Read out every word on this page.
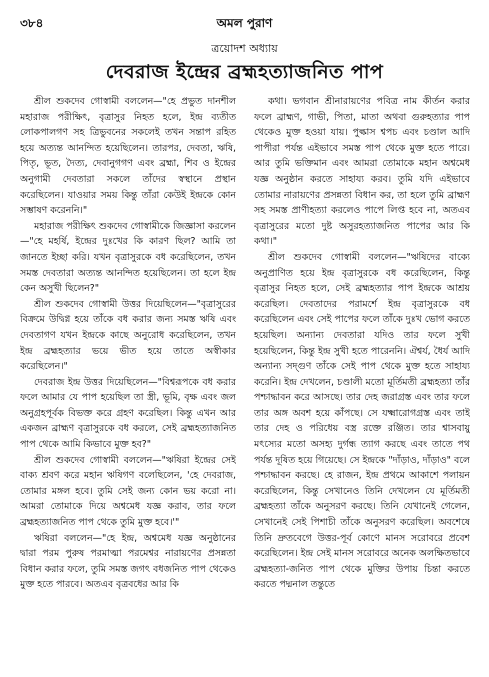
৩৮৪	অমল পুরাণ
ত্রয়োদশ অধ্যায়
দেবরাজ ইন্দ্রের ব্রহ্মহত্যাজনিত পাপ

শ্রীল শুকদেব গোস্বামী বললেন—"হে প্রভুত দানশীল মহারাজ পরীক্ষিৎ, বৃত্রাসুর নিহত হলে, ইন্দ্র ব্যতীত লোকপালগণ সহ ত্রিভুবনের সকলেই তখন সন্তাপ রহিত হয়ে অত্যন্ত আনন্দিত হয়েছিলেন। তারপর, দেবতা, ঋষি, পিতৃ, ভূত, দৈত্য, দেবানুগগণ এবং ব্রহ্মা, শিব ও ইন্দ্রের অনুগামী দেবতারা সকলে তাঁদের স্বস্থানে প্রস্থান করেছিলেন। যাওয়ার সময় কিন্তু তাঁরা কেউই ইন্দ্রকে কোন সম্ভাষণ করেননি।"

মহারাজ পরীক্ষিৎ শুকদেব গোস্বামীকে জিজ্ঞাসা করলেন—"হে মহর্ষি, ইন্দ্রের দুঃখের কি কারণ ছিল? আমি তা জানতে ইচ্ছা করি। যখন বৃত্রাসুরকে বধ করেছিলেন, তখন সমস্ত দেবতারা অত্যন্ত আনন্দিত হয়েছিলেন। তা হলে ইন্দ্র কেন অসুখী ছিলেন?"

শ্রীল শুকদেব গোস্বামী উত্তর দিয়েছিলেন—"বৃত্রাসুরের বিক্রমে উদ্বিগ্ন হয়ে তাঁকে বধ করার জন্য সমস্ত ঋষি এবং দেবতাগণ যখন ইন্দ্রকে কাছে অনুরোধ করেছিলেন, তখন ইন্দ্র ব্রহ্মহত্যার ভয়ে ভীত হয়ে তাতে অস্বীকার করেছিলেন।"

দেবরাজ ইন্দ্র উত্তর দিয়েছিলেন—"বিশ্বরূপকে বধ করার ফলে আমার যে পাপ হয়েছিল তা স্ত্রী, ভূমি, বৃক্ষ এবং জল অনুগ্রহপূর্বক বিভক্ত করে গ্রহণ করেছিল। কিন্তু এখন আর একজন ব্রাহ্মণ বৃত্রাসুরকে বধ করলে, সেই ব্রহ্মহত্যাজনিত পাপ থেকে আমি কিভাবে মুক্ত হব?"

শ্রীল শুকদেব গোস্বামী বললেন—"ঋষিরা ইন্দ্রের সেই বাক্য শ্রবণ করে মহান ঋষিগণ বলেছিলেন, 'হে দেবরাজ, তোমার মঙ্গল হবে। তুমি সেই জন্য কোন ভয় করো না। আমরা তোমাকে দিয়ে অশ্বমেধ যজ্ঞ করাব, তার ফলে ব্রহ্মহত্যাজনিত পাপ থেকে তুমি মুক্ত হবে।'"

ঋষিরা বললেন—"হে ইন্দ্র, অশ্বমেধ যজ্ঞ অনুষ্ঠানের দ্বারা পরম পুরুষ পরমাত্মা পরমেশ্বর নারায়ণের প্রসন্নতা বিধান করার ফলে, তুমি সমস্ত জগৎ বধজনিত পাপ থেকেও মুক্ত হতে পারবে। অতএব বৃত্রবধের আর কি

কথা। ভগবান শ্রীনারায়ণের পবিত্র নাম কীর্তন করার ফলে ব্রাহ্মণ, গাভী, পিতা, মাতা অথবা গুরুহত্যার পাপ থেকেও মুক্ত হওয়া যায়। পুল্কাস শ্বপচ এবং চণ্ডাল আদি পাপীরা পর্যন্ত এইভাবে সমস্ত পাপ থেকে মুক্ত হতে পারে। আর তুমি ভক্তিমান এবং আমরা তোমাকে মহান অশ্বমেধ যজ্ঞ অনুষ্ঠান করতে সাহায্য করব। তুমি যদি এইভাবে তোমার নারায়ণের প্রসন্নতা বিধান কর, তা হলে তুমি ব্রাহ্মণ সহ সমস্ত প্রাণীহত্যা করলেও পাপে লিপ্ত হবে না, অতএব বৃত্রাসুরের মতো দুষ্ট অসুরহত্যাজনিত পাপের আর কি কথা।"

শ্রীল শুকদেব গোস্বামী বললেন—"ঋষিদের বাক্যে অনুপ্রাণিত হয়ে ইন্দ্র বৃত্রাসুরকে বধ করেছিলেন, কিন্তু বৃত্রাসুর নিহত হলে, সেই ব্রহ্মহত্যার পাপ ইন্দ্রকে আশ্রয় করেছিল। দেবতাদের পরামর্শে ইন্দ্র বৃত্রাসুরকে বধ করেছিলেন এবং সেই পাপের ফলে তাঁকে দুঃখ ভোগ করতে হয়েছিল। অন্যান্য দেবতারা যদিও তার ফলে সুখী হয়েছিলেন, কিন্তু ইন্দ্র সুখী হতে পারেননি। ঐশ্বর্য, ধৈর্য আদি অন্যান্য সদ্গুণ তাঁকে সেই পাপ থেকে মুক্ত হতে সাহায্য করেনি। ইন্দ্র দেখলেন, চণ্ডালী মতো মূর্তিমতী ব্রহ্মহত্যা তাঁর পশ্চাদ্ধাবন করে আসছে। তার দেহ জরাগ্রস্ত এবং তার ফলে তার অঙ্গ অবশ হয়ে কাঁপছে। সে যক্ষ্মারোগগ্রস্ত এবং তাই তার দেহ ও পরিধেয় বস্ত্র রক্তে রঞ্জিত। তার শ্বাসবায়ু মৎস্যের মতো অসহ্য দুর্গন্ধ ত্যাগ করছে এবং তাতে পথ পর্যন্ত দূষিত হয়ে গিয়েছে। সে ইন্দ্রকে "দাঁড়াও, দাঁড়াও" বলে পশ্চাদ্ধাবন করছে। হে রাজন, ইন্দ্র প্রথমে আকাশে পলায়ন করেছিলেন, কিন্তু সেখানেও তিনি দেখলেন যে মূর্তিমতী ব্রহ্মহত্যা তাঁকে অনুসরণ করছে। তিনি যেখানেই গেলেন, সেখানেই সেই পিশাচী তাঁকে অনুসরণ করেছিল। অবশেষে তিনি দ্রুতবেগে উত্তর-পূর্ব কোণে মানস সরোবরে প্রবেশ করেছিলেন। ইন্দ্র সেই মানস সরোবরে অনেক অলক্ষিতভাবে ব্রহ্মহত্যা-জনিত পাপ থেকে মুক্তির উপায় চিন্তা করতে করতে পদ্মনাল তন্তুতে
